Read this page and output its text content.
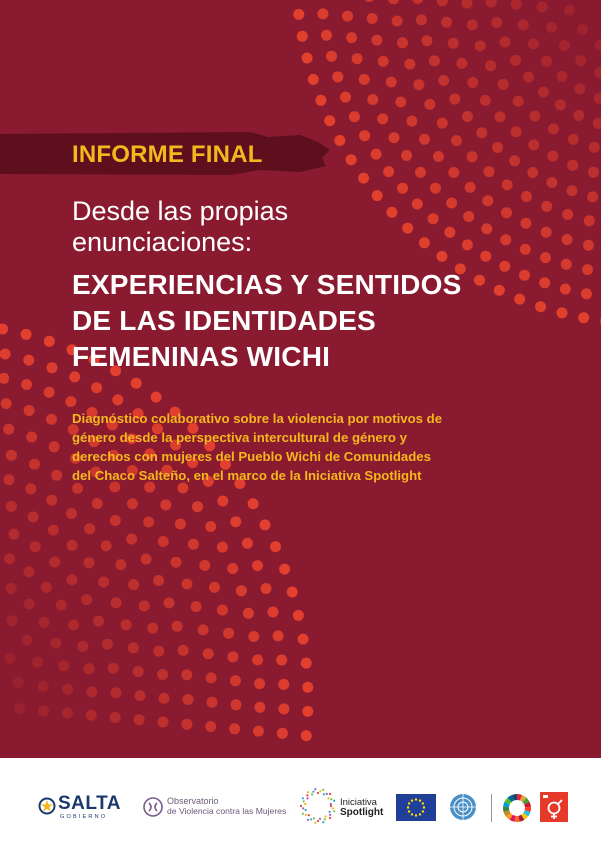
INFORME FINAL
Desde las propias
enunciaciones:
EXPERIENCIAS Y SENTIDOS
DE LAS IDENTIDADES
FEMENINAS WICHI
Diagnóstico colaborativo sobre la violencia por motivos de
género desde la perspectiva intercultural de género y
derechos con mujeres del Pueblo Wichi de Comunidades
del Chaco Salteño, en el marco de la Iniciativa Spotlight
SALTA
GOBIERNO
Observatorio
de Violencia contra las Mujeres
Iniciativa
Spotlight
